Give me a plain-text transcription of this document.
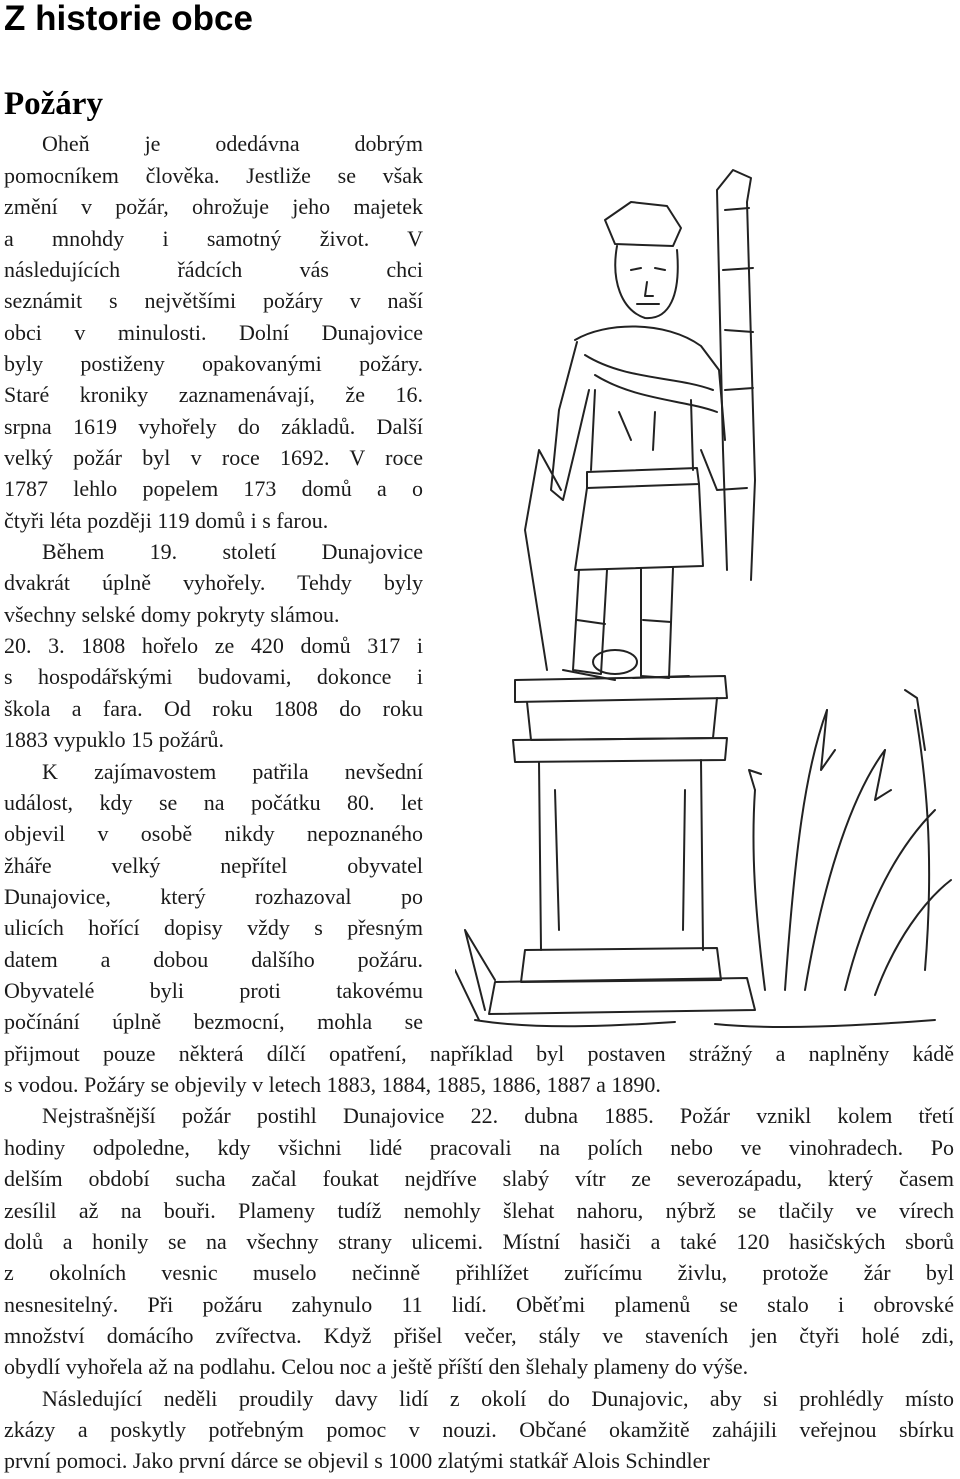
Z historie obce
Požáry
Oheň je odedávna dobrým
pomocníkem člověka. Jestliže se však
změní v požár, ohrožuje jeho majetek
a mnohdy i samotný život. V
následujících řádcích vás chci
seznámit s největšími požáry v naší
obci v minulosti. Dolní Dunajovice
byly postiženy opakovanými požáry.
Staré kroniky zaznamenávají, že 16.
srpna 1619 vyhořely do základů. Další
velký požár byl v roce 1692. V roce
1787 lehlo popelem 173 domů a o
čtyři léta později 119 domů i s farou.
Během 19. století Dunajovice
dvakrát úplně vyhořely. Tehdy byly
všechny selské domy pokryty slámou.
20. 3. 1808 hořelo ze 420 domů 317 i
s hospodářskými budovami, dokonce i
škola a fara. Od roku 1808 do roku
1883 vypuklo 15 požárů.
K zajímavostem patřila nevšední
událost, kdy se na počátku 80. let
objevil v osobě nikdy nepoznaného
žháře velký nepřítel obyvatel
Dunajovice, který rozhazoval po
ulicích hořící dopisy vždy s přesným
datem a dobou dalšího požáru.
Obyvatelé byli proti takovému
počínání úplně bezmocní, mohla se
přijmout pouze některá dílčí opatření, například byl postaven strážný a naplněny kádě
s vodou. Požáry se objevily v letech 1883, 1884, 1885, 1886, 1887 a 1890.
Nejstrašnější požár postihl Dunajovice 22. dubna 1885. Požár vznikl kolem třetí
hodiny odpoledne, kdy všichni lidé pracovali na polích nebo ve vinohradech. Po
delším období sucha začal foukat nejdříve slabý vítr ze severozápadu, který časem
zesílil až na bouři. Plameny tudíž nemohly šlehat nahoru, nýbrž se tlačily ve vírech
dolů a honily se na všechny strany ulicemi. Místní hasiči a také 120 hasičských sborů
z okolních vesnic muselo nečinně přihlížet zuřícímu živlu, protože žár byl
nesnesitelný. Při požáru zahynulo 11 lidí. Oběťmi plamenů se stalo i obrovské
množství domácího zvířectva. Když přišel večer, stály ve staveních jen čtyři holé zdi,
obydlí vyhořela až na podlahu. Celou noc a ještě příští den šlehaly plameny do výše.
Následující neděli proudily davy lidí z okolí do Dunajovic, aby si prohlédly místo
zkázy a poskytly potřebným pomoc v nouzi. Občané okamžitě zahájili veřejnou sbírku
první pomoci. Jako první dárce se objevil s 1000 zlatými statkář Alois Schindler
